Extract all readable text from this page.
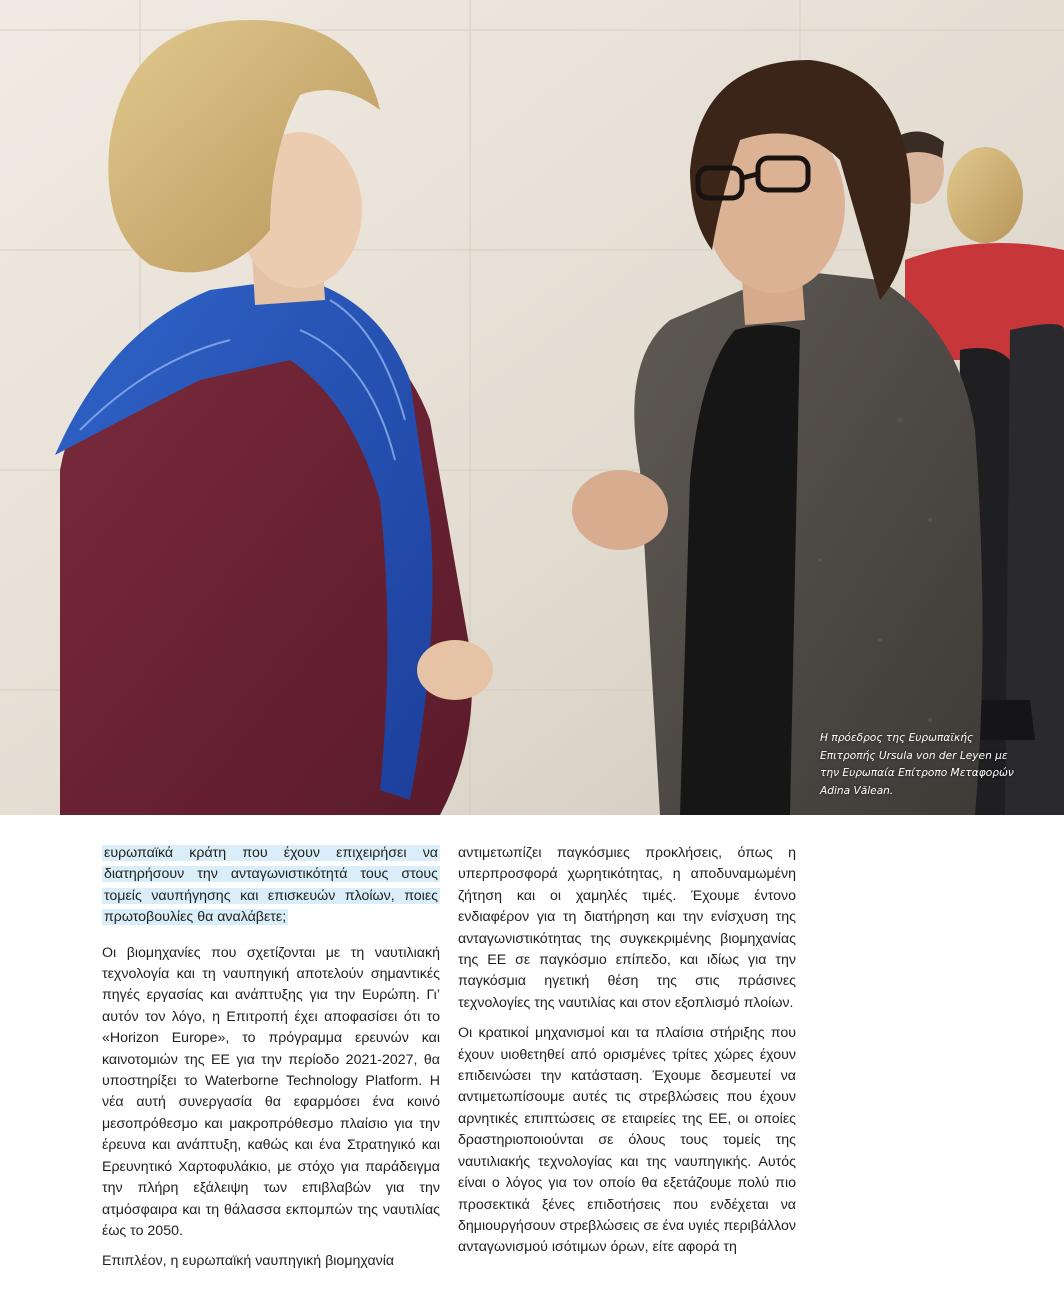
Η πρόεδρος της Ευρωπαϊκής
Επιτροπής Ursula von der Leyen με
την Ευρωπαία Επίτροπο Μεταφορών
Adina Vălean.

ευρωπαϊκά κράτη που έχουν επιχειρήσει να διατηρήσουν την ανταγωνιστικότητά τους στους τομείς ναυπήγησης και επισκευών πλοίων, ποιες πρωτοβουλίες θα αναλάβετε;

Οι βιομηχανίες που σχετίζονται με τη ναυτιλιακή τεχνολογία και τη ναυπηγική αποτελούν σημαντικές πηγές εργασίας και ανάπτυξης για την Ευρώπη. Γι’ αυτόν τον λόγο, η Επιτροπή έχει αποφασίσει ότι το «Horizon Europe», το πρόγραμμα ερευνών και καινοτομιών της ΕΕ για την περίοδο 2021-2027, θα υποστηρίξει το Waterborne Technology Platform. Η νέα αυτή συνεργασία θα εφαρμόσει ένα κοινό μεσοπρόθεσμο και μακροπρόθεσμο πλαίσιο για την έρευνα και ανάπτυξη, καθώς και ένα Στρατηγικό και Ερευνητικό Χαρτοφυλάκιο, με στόχο για παράδειγμα την πλήρη εξάλειψη των επιβλαβών για την ατμόσφαιρα και τη θάλασσα εκπομπών της ναυτιλίας έως το 2050.

Επιπλέον, η ευρωπαϊκή ναυπηγική βιομηχανία

αντιμετωπίζει παγκόσμιες προκλήσεις, όπως η υπερπροσφορά χωρητικότητας, η αποδυναμωμένη ζήτηση και οι χαμηλές τιμές. Έχουμε έντονο ενδιαφέρον για τη διατήρηση και την ενίσχυση της ανταγωνιστικότητας της συγκεκριμένης βιομηχανίας της ΕΕ σε παγκόσμιο επίπεδο, και ιδίως για την παγκόσμια ηγετική θέση της στις πράσινες τεχνολογίες της ναυτιλίας και στον εξοπλισμό πλοίων.

Οι κρατικοί μηχανισμοί και τα πλαίσια στήριξης που έχουν υιοθετηθεί από ορισμένες τρίτες χώρες έχουν επιδεινώσει την κατάσταση. Έχουμε δεσμευτεί να αντιμετωπίσουμε αυτές τις στρεβλώσεις που έχουν αρνητικές επιπτώσεις σε εταιρείες της ΕΕ, οι οποίες δραστηριοποιούνται σε όλους τους τομείς της ναυτιλιακής τεχνολογίας και της ναυπηγικής. Αυτός είναι ο λόγος για τον οποίο θα εξετάζουμε πολύ πιο προσεκτικά ξένες επιδοτήσεις που ενδέχεται να δημιουργήσουν στρεβλώσεις σε ένα υγιές περιβάλλον ανταγωνισμού ισότιμων όρων, είτε αφορά τη
